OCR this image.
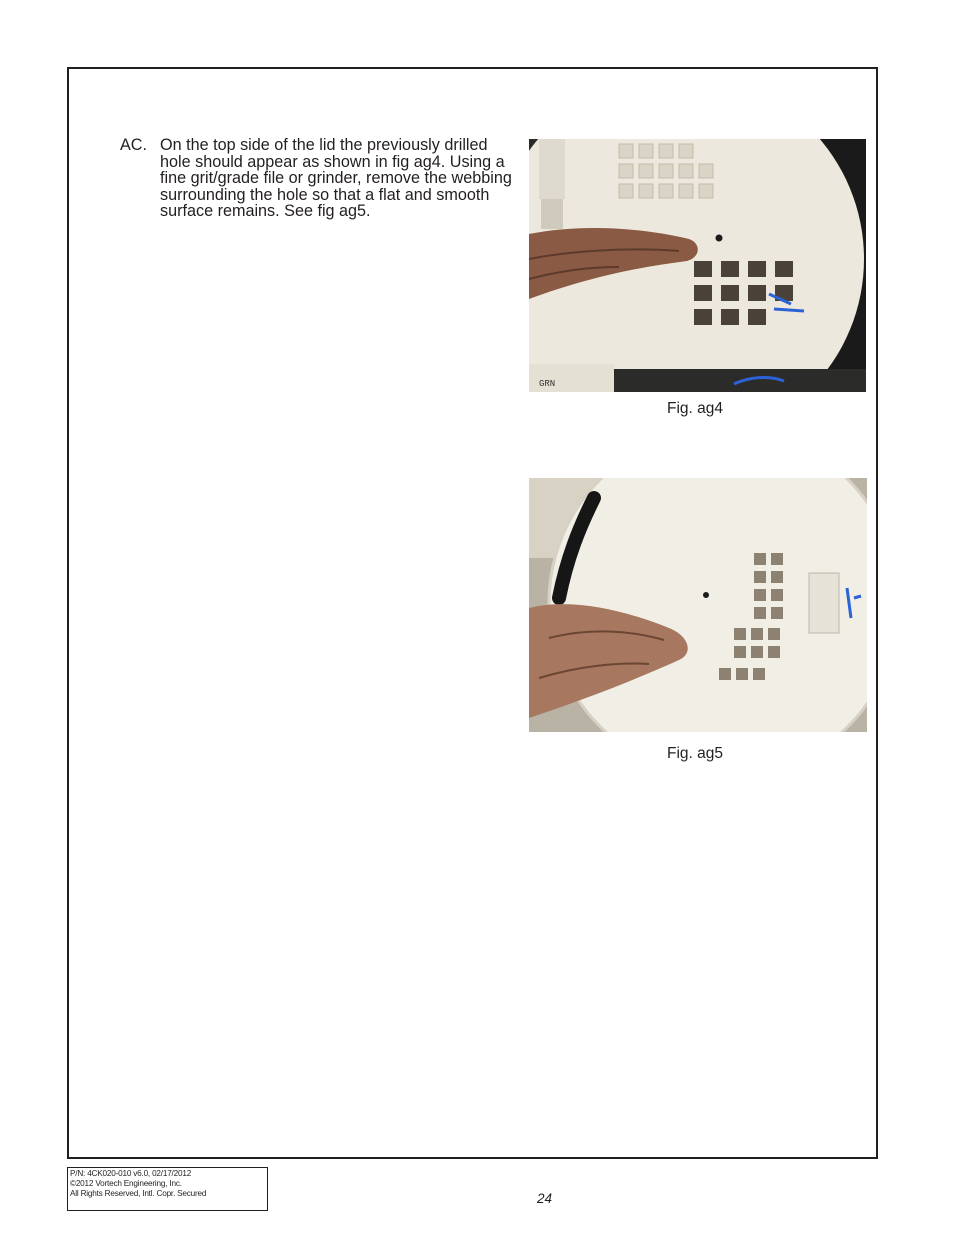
AC. On the top side of the lid the previously drilled hole should appear as shown in fig ag4. Using a fine grit/grade file or grinder, remove the webbing surrounding the hole so that a flat and smooth surface remains. See fig ag5.
GRN
Fig. ag4
Fig. ag5
P/N: 4CK020-010 v6.0, 02/17/2012
©2012 Vortech Engineering, Inc.
All Rights Reserved, Intl. Copr. Secured	24
